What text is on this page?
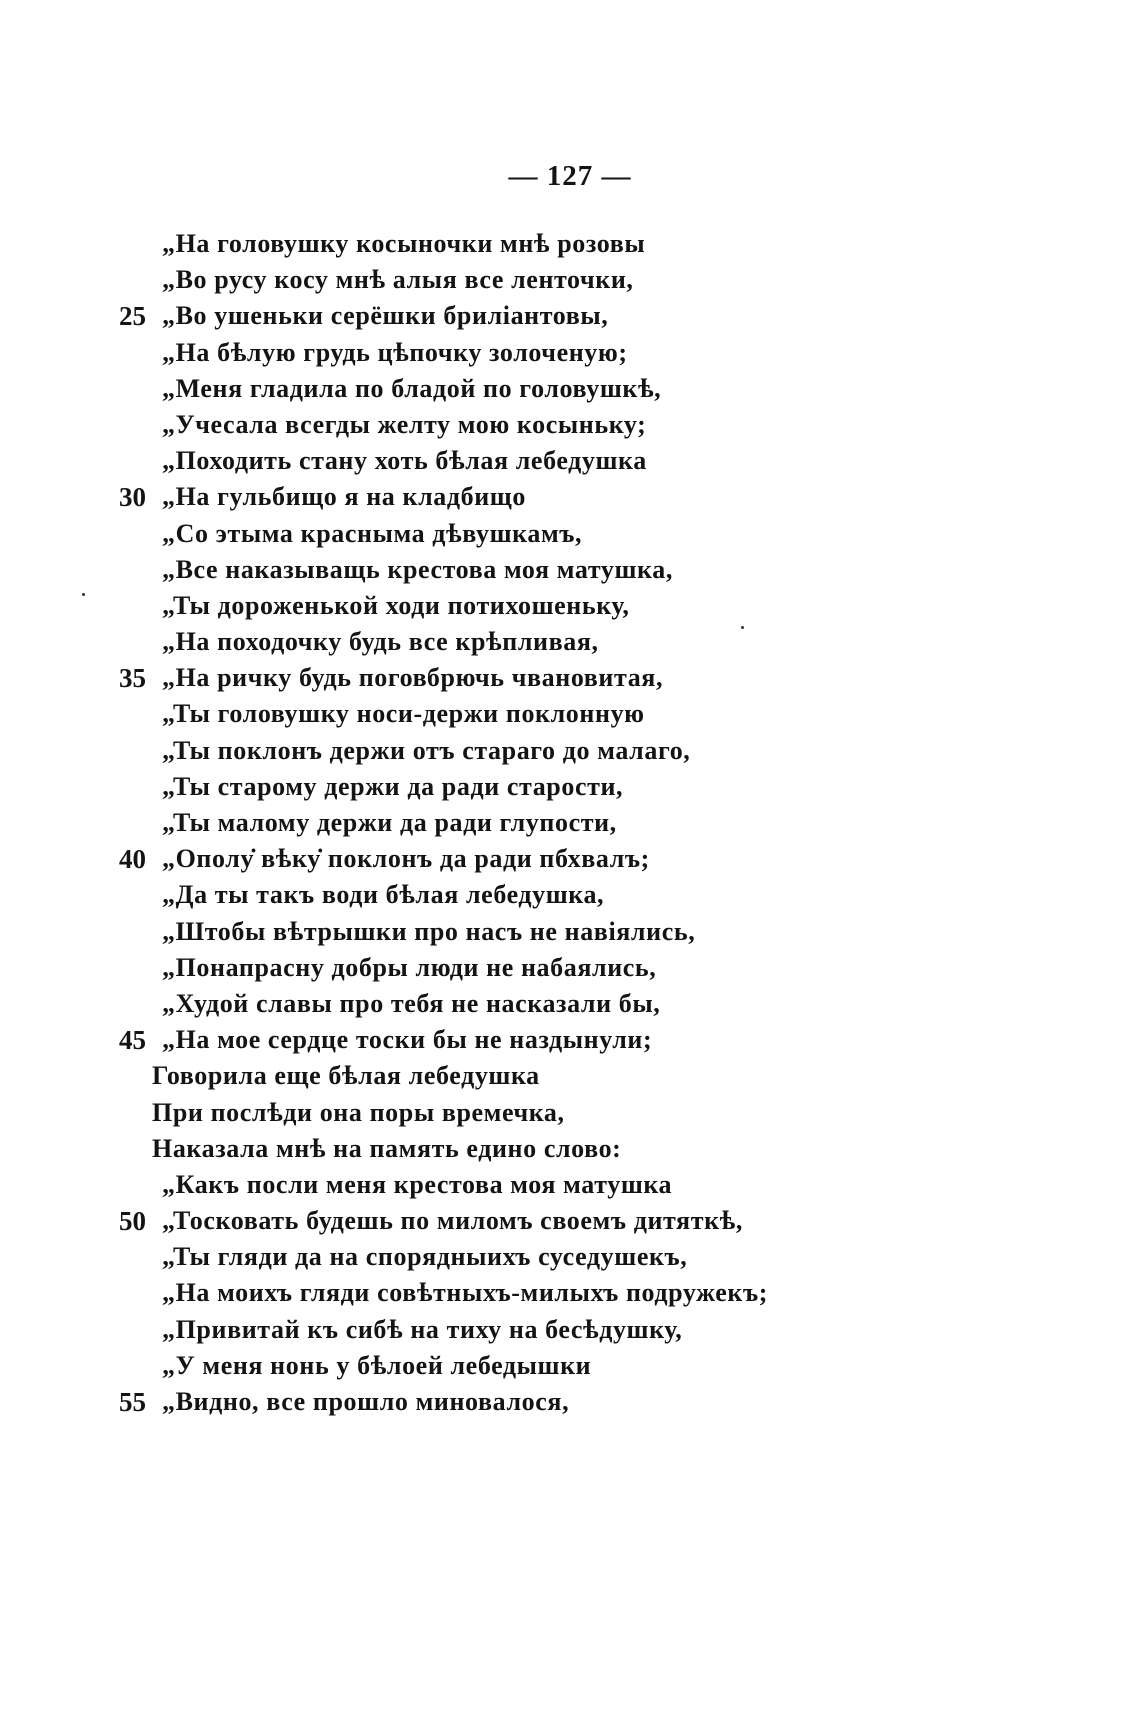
— 127 —
„На головушку косыночки мнѣ розовы
„Во русу косу мнѣ алыя все ленточки,
25 „Во ушеньки серёшки бриліантовы,
„На бѣлую грудь цѣпочку золоченую;
„Меня гладила по бладой по головушкѣ,
„Учесала всегды желту мою косыньку;
„Походить стану хоть бѣлая лебедушка
30 „На гульбищо я на кладбищо
„Со этыма красныма дѣвушкамъ,
„Все наказыващь крестова моя матушка,
„Ты дороженькой ходи потихошеньку,
„На походочку будь все крѣпливая,
35 „На ричку будь поговбрючь чвановитая,
„Ты головушку носи-держи поклонную
„Ты поклонъ держи отъ стараго до малаго,
„Ты старому держи да ради старости,
„Ты малому держи да ради глупости,
40 „Ополу̇ вѣку̇ поклонъ да ради пбхвалъ;
„Да ты такъ води бѣлая лебедушка,
„Штобы вѣтрышки про насъ не навіялись,
„Понапрасну добры люди не набаялись,
„Худой славы про тебя не насказали бы,
45 „На мое сердце тоски бы не наздынули;
Говорила еще бѣлая лебедушка
При послѣди она поры времечка,
Наказала мнѣ на память едино слово:
„Какъ посли меня крестова моя матушка
50 „Тосковать будешь по миломъ своемъ дитяткѣ,
„Ты гляди да на спорядныихъ суседушекъ,
„На моихъ гляди совѣтныхъ-милыхъ подружекъ;
„Привитай къ сибѣ на тиху на бесѣдушку,
„У меня нонь у бѣлоей лебедышки
55 „Видно, все прошло миновалося,
